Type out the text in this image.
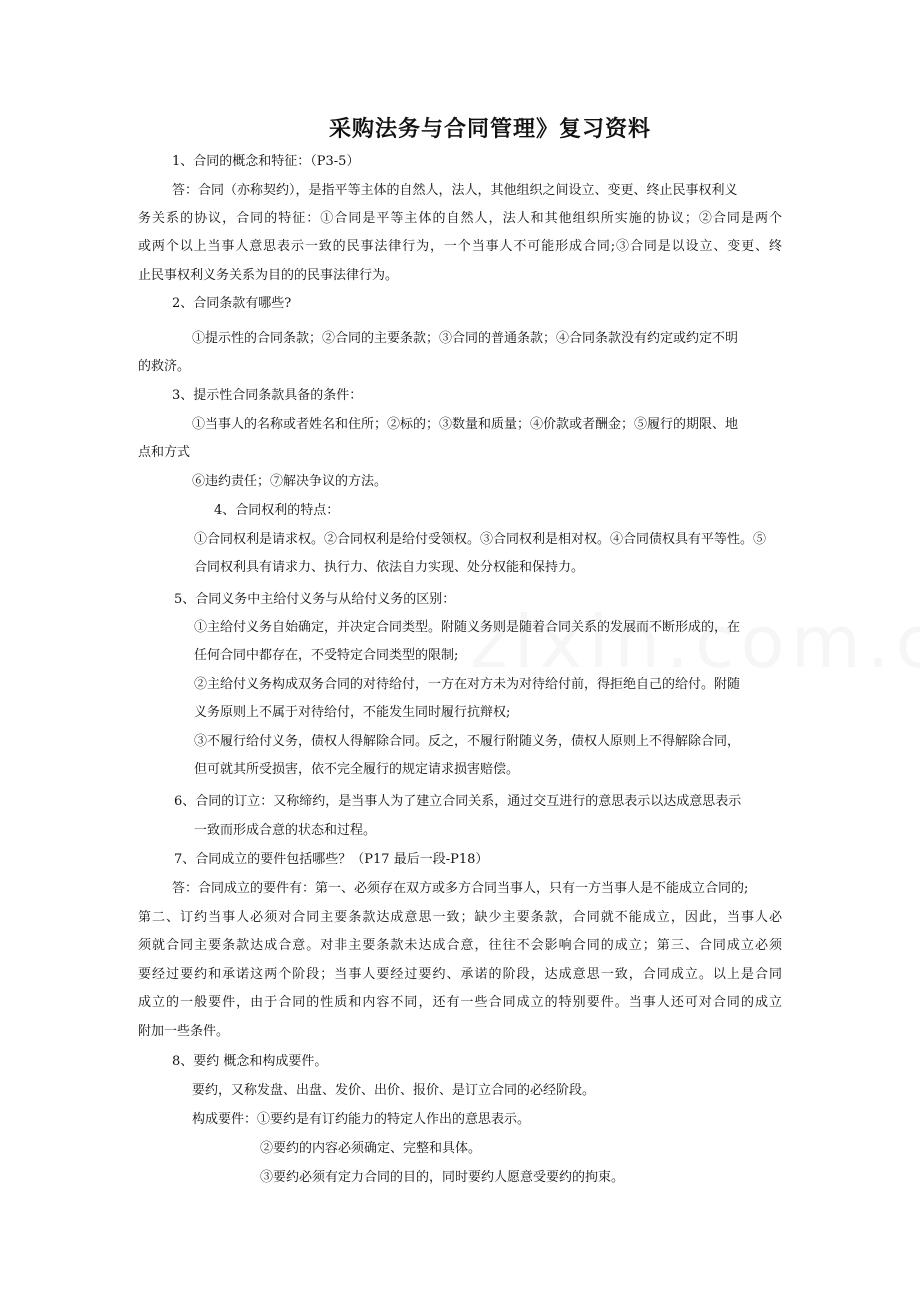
采购法务与合同管理》复习资料

1、合同的概念和特征：（P3-5）

答：合同（亦称契约），是指平等主体的自然人，法人，其他组织之间设立、变更、终止民事权利义

务关系的协议，合同的特征：①合同是平等主体的自然人，法人和其他组织所实施的协议；②合同是两个

或两个以上当事人意思表示一致的民事法律行为，一个当事人不可能形成合同;③合同是以设立、变更、终

止民事权利义务关系为目的的民事法律行为。

2、合同条款有哪些?

①提示性的合同条款；②合同的主要条款；③合同的普通条款；④合同条款没有约定或约定不明

的救济。

3、提示性合同条款具备的条件：

①当事人的名称或者姓名和住所；②标的；③数量和质量；④价款或者酬金；⑤履行的期限、地

点和方式

⑥违约责任；⑦解决争议的方法。

4、合同权利的特点：

①合同权利是请求权。②合同权利是给付受领权。③合同权利是相对权。④合同债权具有平等性。⑤

合同权利具有请求力、执行力、依法自力实现、处分权能和保持力。

5、合同义务中主给付义务与从给付义务的区别：

①主给付义务自始确定，并决定合同类型。附随义务则是随着合同关系的发展而不断形成的，在

任何合同中都存在，不受特定合同类型的限制;

②主给付义务构成双务合同的对待给付，一方在对方未为对待给付前，得拒绝自己的给付。附随

义务原则上不属于对待给付，不能发生同时履行抗辩权;

③不履行给付义务，债权人得解除合同。反之，不履行附随义务，债权人原则上不得解除合同，

但可就其所受损害，依不完全履行的规定请求损害赔偿。

6、合同的订立：又称缔约，是当事人为了建立合同关系，通过交互进行的意思表示以达成意思表示

一致而形成合意的状态和过程。

7、合同成立的要件包括哪些？（P17 最后一段-P18）

答：合同成立的要件有：第一、必须存在双方或多方合同当事人，只有一方当事人是不能成立合同的;

第二、订约当事人必须对合同主要条款达成意思一致；缺少主要条款，合同就不能成立，因此，当事人必

须就合同主要条款达成合意。对非主要条款未达成合意，往往不会影响合同的成立；第三、合同成立必须

要经过要约和承诺这两个阶段；当事人要经过要约、承诺的阶段，达成意思一致，合同成立。以上是合同

成立的一般要件，由于合同的性质和内容不同，还有一些合同成立的特别要件。当事人还可对合同的成立

附加一些条件。

8、要约 概念和构成要件。

要约，又称发盘、出盘、发价、出价、报价、是订立合同的必经阶段。

构成要件：①要约是有订约能力的特定人作出的意思表示。

②要约的内容必须确定、完整和具体。

③要约必须有定力合同的目的，同时要约人愿意受要约的拘束。
